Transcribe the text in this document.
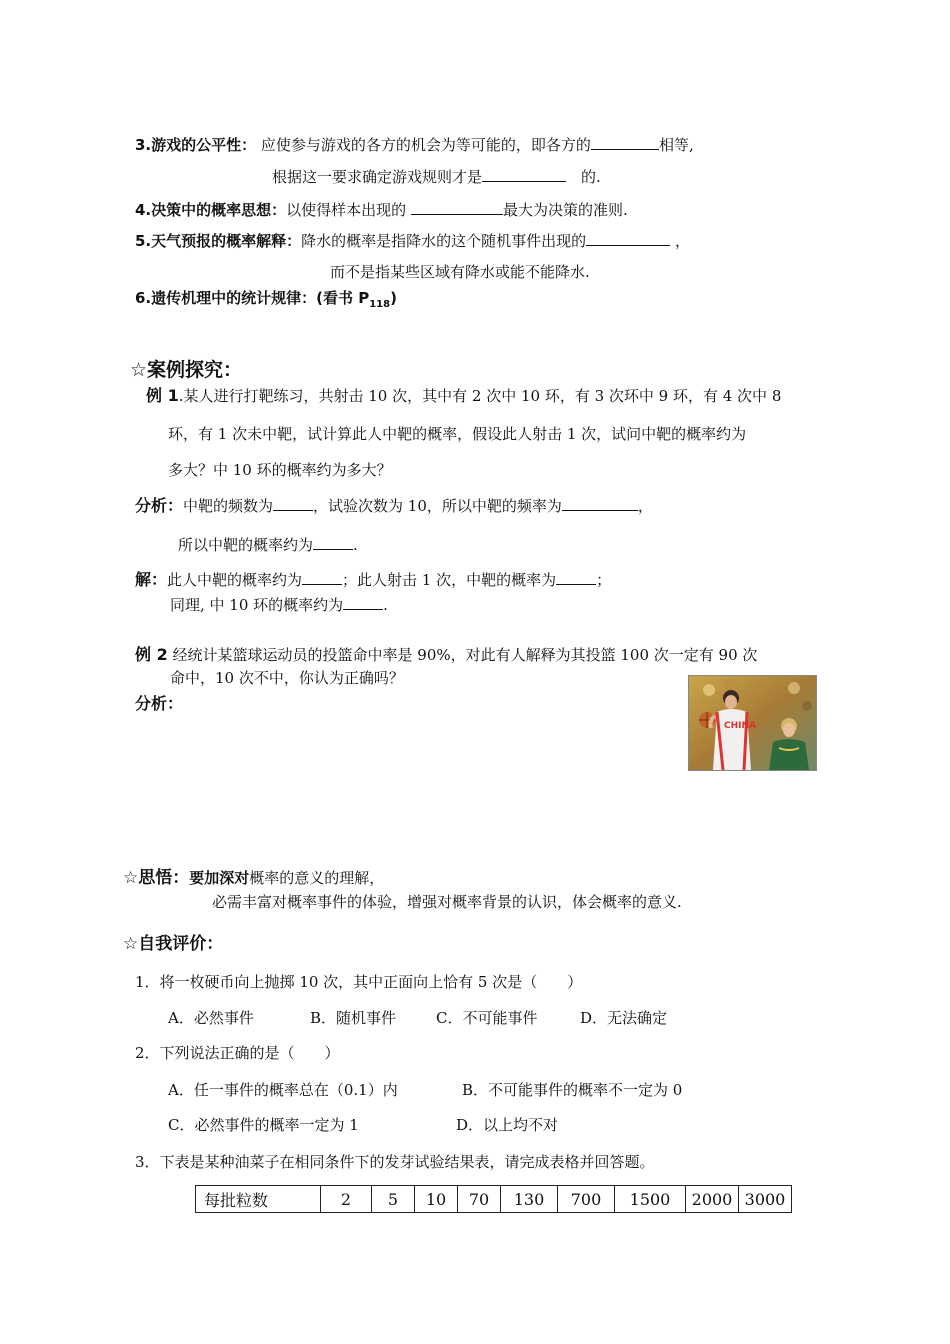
3.游戏的公平性： 应使参与游戏的各方的机会为等可能的，即各方的	相等,
根据这一要求确定游戏规则才是 	的.
4.决策中的概率思想：以使得样本出现的	最大为决策的准则.
5.天气预报的概率解释：降水的概率是指降水的这个随机事件出现的	，
而不是指某些区域有降水或能不能降水.
6.遗传机理中的统计规律：(看书 $P_{118}$)
☆案例探究：
例 1.某人进行打靶练习，共射击 10 次，其中有 2 次中 10 环，有 3 次环中 9 环，有 4 次中 8
环，有 1 次未中靶，试计算此人中靶的概率，假设此人射击 1 次，试问中靶的概率约为
多大？中 10 环的概率约为多大？
分析：中靶的频数为	，试验次数为 10，所以中靶的频率为	，
所以中靶的概率约为	.
解：此人中靶的概率约为	；此人射击 1 次，中靶的概率为	；
同理, 中 10 环的概率约为	.
例 2 经统计某篮球运动员的投篮命中率是 90%，对此有人解释为其投篮 100 次一定有 90 次
命中，10 次不中，你认为正确吗？
分析：
CHINA
☆思悟：要加深对概率的意义的理解，
必需丰富对概率事件的体验，增强对概率背景的认识，体会概率的意义.
☆自我评价：
1．将一枚硬币向上抛掷 10 次，其中正面向上恰有 5 次是（　　）
A．必然事件	B．随机事件	C．不可能事件	D．无法确定
2．下列说法正确的是（　　）
A．任一事件的概率总在（0.1）内	B．不可能事件的概率不一定为 0
C．必然事件的概率一定为 1	D．以上均不对
3．下表是某种油菜子在相同条件下的发芽试验结果表，请完成表格并回答题。
每批粒数	2	5	10	70	130	700	1500	2000	3000
